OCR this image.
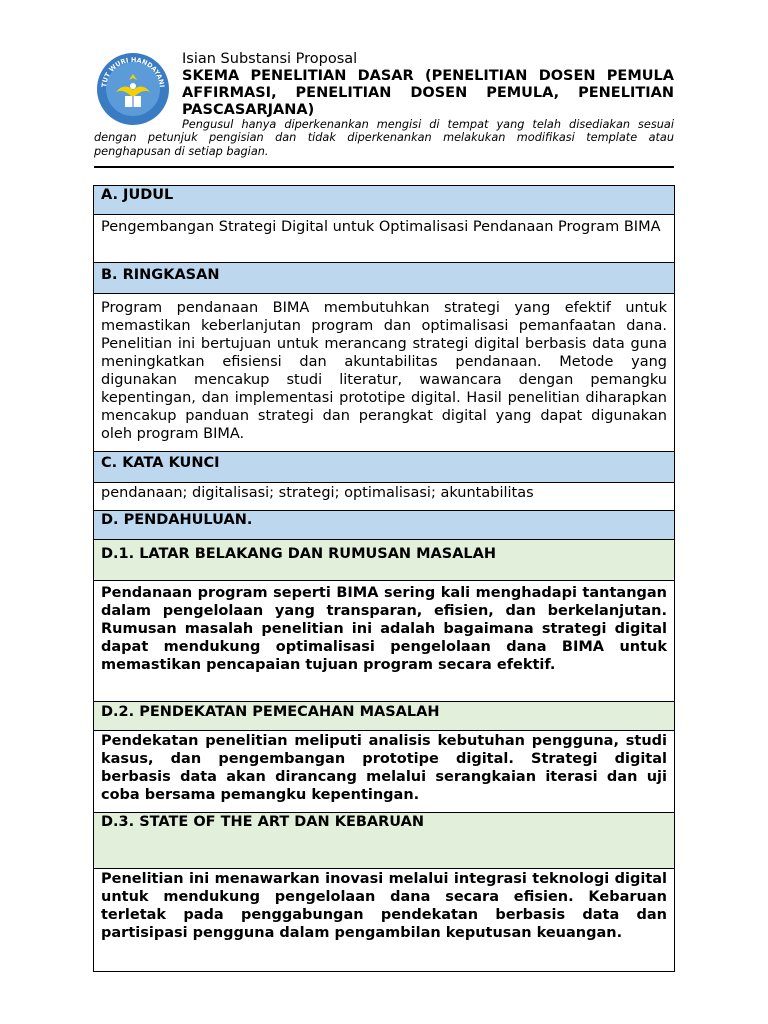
TUT WURI HANDAYANI
Isian Substansi Proposal
SKEMA PENELITIAN DASAR (PENELITIAN DOSEN PEMULA AFFIRMASI, PENELITIAN DOSEN PEMULA, PENELITIAN PASCASARJANA)
Pengusul hanya diperkenankan mengisi di tempat yang telah disediakan sesuai dengan petunjuk pengisian dan tidak diperkenankan melakukan modifikasi template atau penghapusan di setiap bagian.
A. JUDUL
Pengembangan Strategi Digital untuk Optimalisasi Pendanaan Program BIMA
B. RINGKASAN
Program pendanaan BIMA membutuhkan strategi yang efektif untuk memastikan keberlanjutan program dan optimalisasi pemanfaatan dana. Penelitian ini bertujuan untuk merancang strategi digital berbasis data guna meningkatkan efisiensi dan akuntabilitas pendanaan. Metode yang digunakan mencakup studi literatur, wawancara dengan pemangku kepentingan, dan implementasi prototipe digital. Hasil penelitian diharapkan mencakup panduan strategi dan perangkat digital yang dapat digunakan oleh program BIMA.
C. KATA KUNCI
pendanaan; digitalisasi; strategi; optimalisasi; akuntabilitas
D. PENDAHULUAN.
D.1. LATAR BELAKANG DAN RUMUSAN MASALAH
Pendanaan program seperti BIMA sering kali menghadapi tantangan dalam pengelolaan yang transparan, efisien, dan berkelanjutan. Rumusan masalah penelitian ini adalah bagaimana strategi digital dapat mendukung optimalisasi pengelolaan dana BIMA untuk memastikan pencapaian tujuan program secara efektif.
D.2. PENDEKATAN PEMECAHAN MASALAH
Pendekatan penelitian meliputi analisis kebutuhan pengguna, studi kasus, dan pengembangan prototipe digital. Strategi digital berbasis data akan dirancang melalui serangkaian iterasi dan uji coba bersama pemangku kepentingan.
D.3. STATE OF THE ART DAN KEBARUAN
Penelitian ini menawarkan inovasi melalui integrasi teknologi digital untuk mendukung pengelolaan dana secara efisien. Kebaruan terletak pada penggabungan pendekatan berbasis data dan partisipasi pengguna dalam pengambilan keputusan keuangan.
